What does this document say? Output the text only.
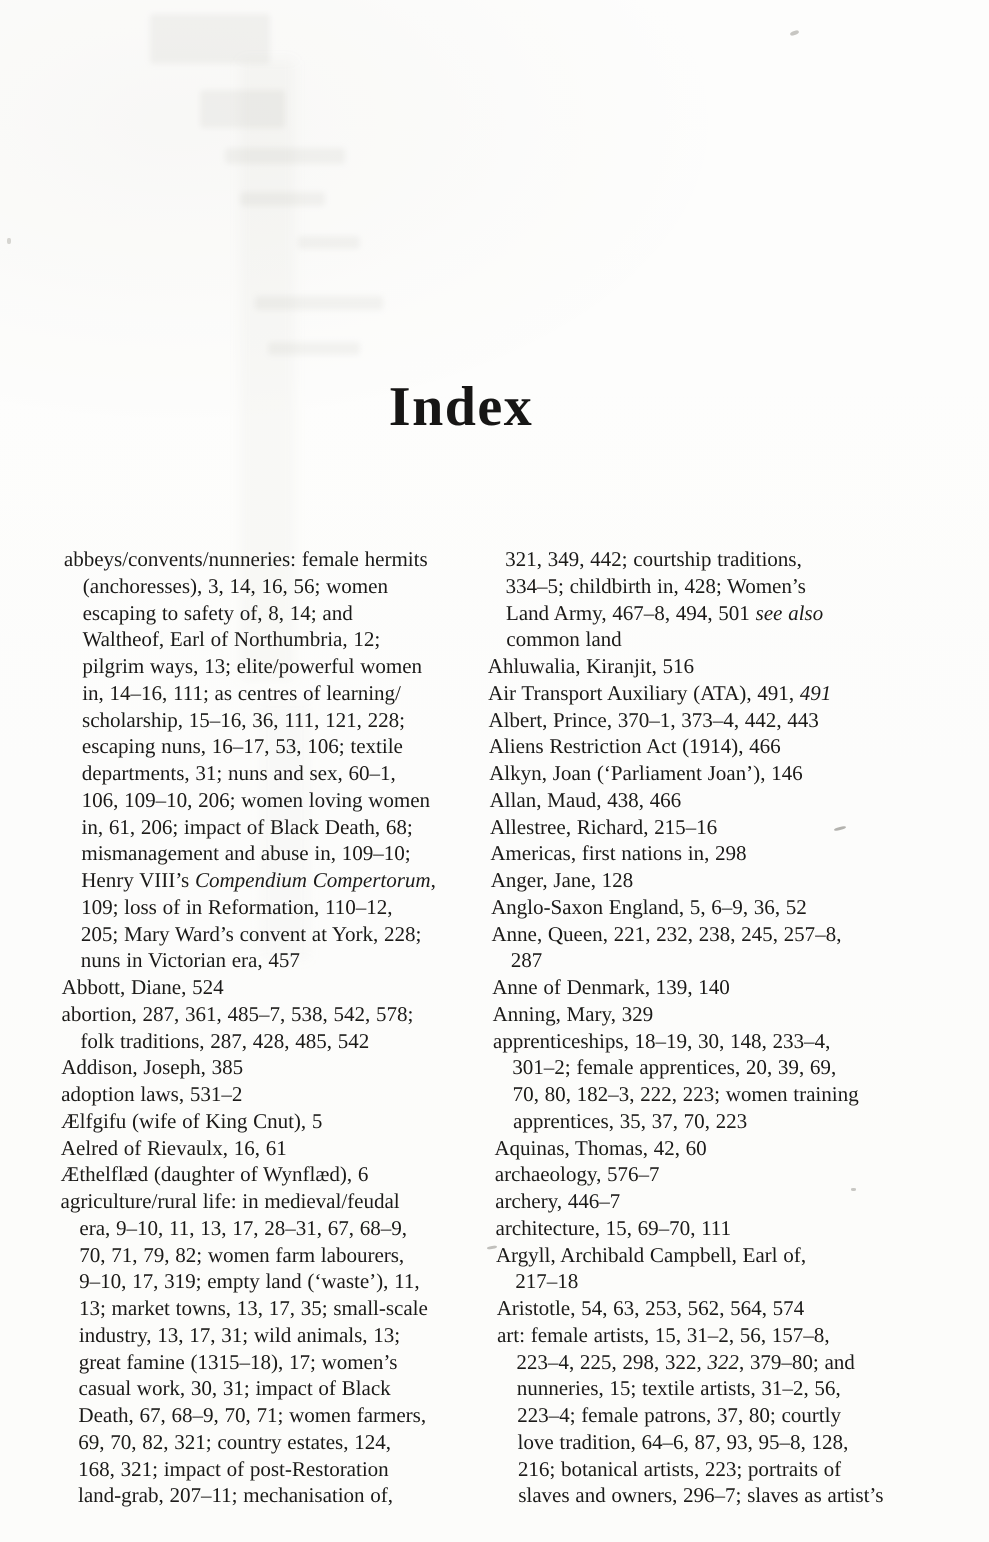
Index
abbeys/convents/nunneries: female hermits
(anchoresses), 3, 14, 16, 56; women
escaping to safety of, 8, 14; and
Waltheof, Earl of Northumbria, 12;
pilgrim ways, 13; elite/powerful women
in, 14–16, 111; as centres of learning/
scholarship, 15–16, 36, 111, 121, 228;
escaping nuns, 16–17, 53, 106; textile
departments, 31; nuns and sex, 60–1,
106, 109–10, 206; women loving women
in, 61, 206; impact of Black Death, 68;
mismanagement and abuse in, 109–10;
Henry VIII’s Compendium Compertorum,
109; loss of in Reformation, 110–12,
205; Mary Ward’s convent at York, 228;
nuns in Victorian era, 457
Abbott, Diane, 524
abortion, 287, 361, 485–7, 538, 542, 578;
folk traditions, 287, 428, 485, 542
Addison, Joseph, 385
adoption laws, 531–2
Ælfgifu (wife of King Cnut), 5
Aelred of Rievaulx, 16, 61
Æthelflæd (daughter of Wynflæd), 6
agriculture/rural life: in medieval/feudal
era, 9–10, 11, 13, 17, 28–31, 67, 68–9,
70, 71, 79, 82; women farm labourers,
9–10, 17, 319; empty land (‘waste’), 11,
13; market towns, 13, 17, 35; small-scale
industry, 13, 17, 31; wild animals, 13;
great famine (1315–18), 17; women’s
casual work, 30, 31; impact of Black
Death, 67, 68–9, 70, 71; women farmers,
69, 70, 82, 321; country estates, 124,
168, 321; impact of post-Restoration
land-grab, 207–11; mechanisation of,
321, 349, 442; courtship traditions,
334–5; childbirth in, 428; Women’s
Land Army, 467–8, 494, 501 see also
common land
Ahluwalia, Kiranjit, 516
Air Transport Auxiliary (ATA), 491, 491
Albert, Prince, 370–1, 373–4, 442, 443
Aliens Restriction Act (1914), 466
Alkyn, Joan (‘Parliament Joan’), 146
Allan, Maud, 438, 466
Allestree, Richard, 215–16
Americas, first nations in, 298
Anger, Jane, 128
Anglo-Saxon England, 5, 6–9, 36, 52
Anne, Queen, 221, 232, 238, 245, 257–8,
287
Anne of Denmark, 139, 140
Anning, Mary, 329
apprenticeships, 18–19, 30, 148, 233–4,
301–2; female apprentices, 20, 39, 69,
70, 80, 182–3, 222, 223; women training
apprentices, 35, 37, 70, 223
Aquinas, Thomas, 42, 60
archaeology, 576–7
archery, 446–7
architecture, 15, 69–70, 111
Argyll, Archibald Campbell, Earl of,
217–18
Aristotle, 54, 63, 253, 562, 564, 574
art: female artists, 15, 31–2, 56, 157–8,
223–4, 225, 298, 322, 322, 379–80; and
nunneries, 15; textile artists, 31–2, 56,
223–4; female patrons, 37, 80; courtly
love tradition, 64–6, 87, 93, 95–8, 128,
216; botanical artists, 223; portraits of
slaves and owners, 296–7; slaves as artist’s
